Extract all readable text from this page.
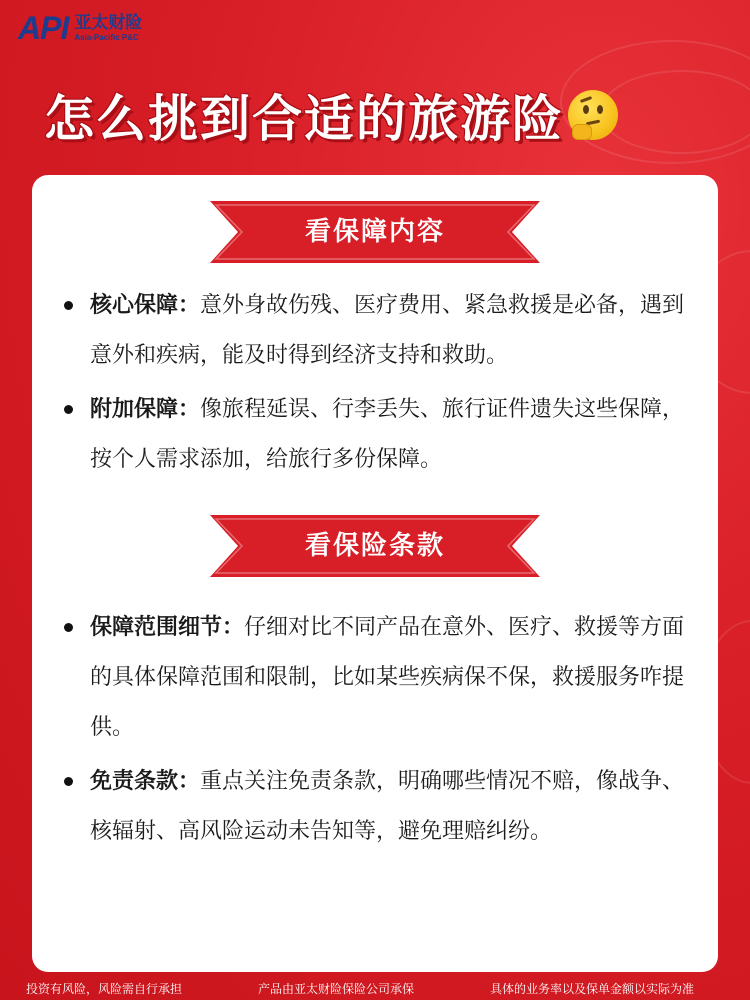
API 亚太财险
Asia-Pacific P&C
怎么挑到合适的旅游险
看保障内容
核心保障：意外身故伤残、医疗费用、紧急救援是必备，遇到意外和疾病，能及时得到经济支持和救助。
附加保障：像旅程延误、行李丢失、旅行证件遗失这些保障，按个人需求添加，给旅行多份保障。
看保险条款
保障范围细节：仔细对比不同产品在意外、医疗、救援等方面的具体保障范围和限制，比如某些疾病保不保，救援服务咋提供。
免责条款：重点关注免责条款，明确哪些情况不赔，像战争、核辐射、高风险运动未告知等，避免理赔纠纷。
投资有风险，风险需自行承担	产品由亚太财险保险公司承保	具体的业务率以及保单金额以实际为准
